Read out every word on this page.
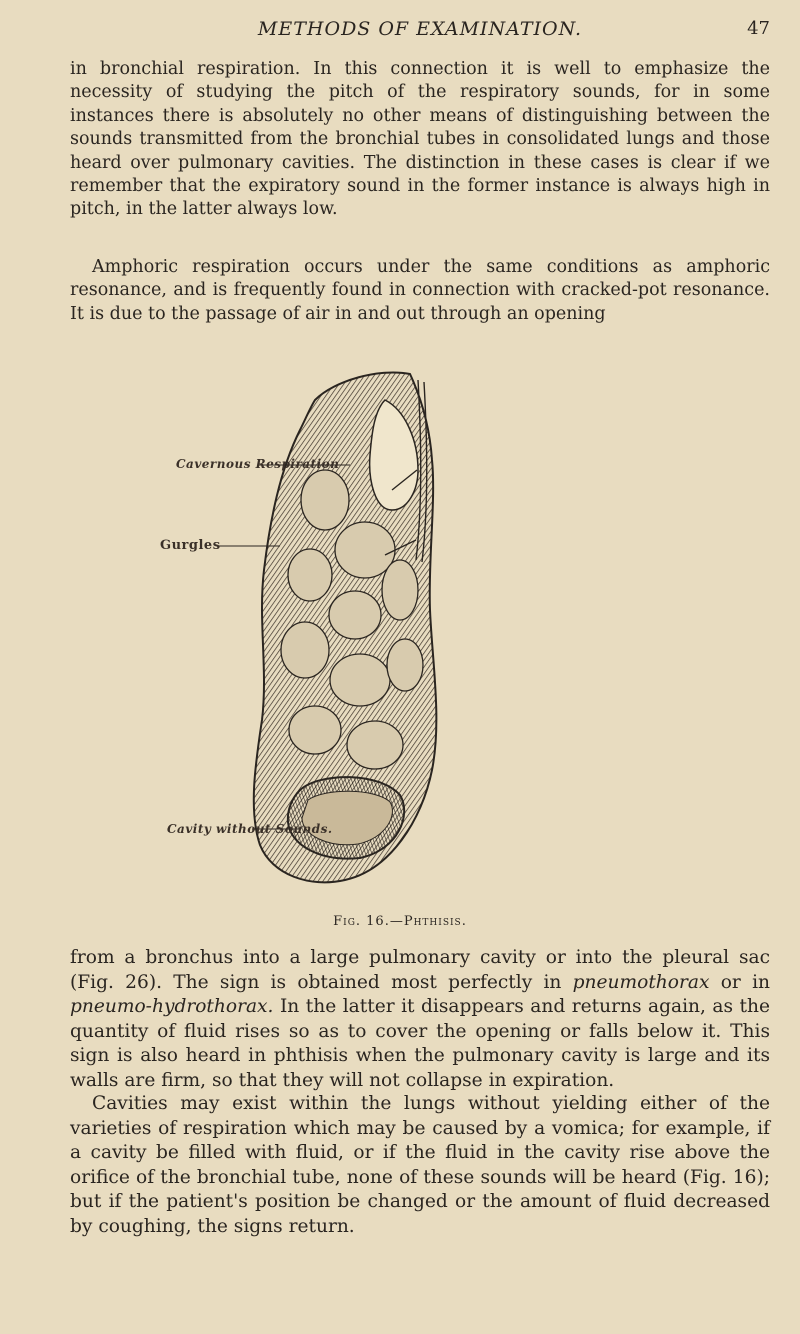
METHODS OF EXAMINATION.	47

in bronchial respiration. In this connection it is well to emphasize the necessity of studying the pitch of the respiratory sounds, for in some instances there is absolutely no other means of distinguishing between the sounds transmitted from the bronchial tubes in consolidated lungs and those heard over pulmonary cavities. The distinction in these cases is clear if we remember that the expiratory sound in the former instance is always high in pitch, in the latter always low.

Amphoric respiration occurs under the same conditions as amphoric resonance, and is frequently found in connection with cracked-pot resonance. It is due to the passage of air in and out through an opening

Cavernous Respiration
Gurgles
Cavity without Sounds.
Fig. 16.—Phthisis.

from a bronchus into a large pulmonary cavity or into the pleural sac (Fig. 26). The sign is obtained most perfectly in pneumothorax or in pneumo-hydrothorax. In the latter it disappears and returns again, as the quantity of fluid rises so as to cover the opening or falls below it. This sign is also heard in phthisis when the pulmonary cavity is large and its walls are firm, so that they will not collapse in expiration.

Cavities may exist within the lungs without yielding either of the varieties of respiration which may be caused by a vomica; for example, if a cavity be filled with fluid, or if the fluid in the cavity rise above the orifice of the bronchial tube, none of these sounds will be heard (Fig. 16); but if the patient's position be changed or the amount of fluid decreased by coughing, the signs return.
